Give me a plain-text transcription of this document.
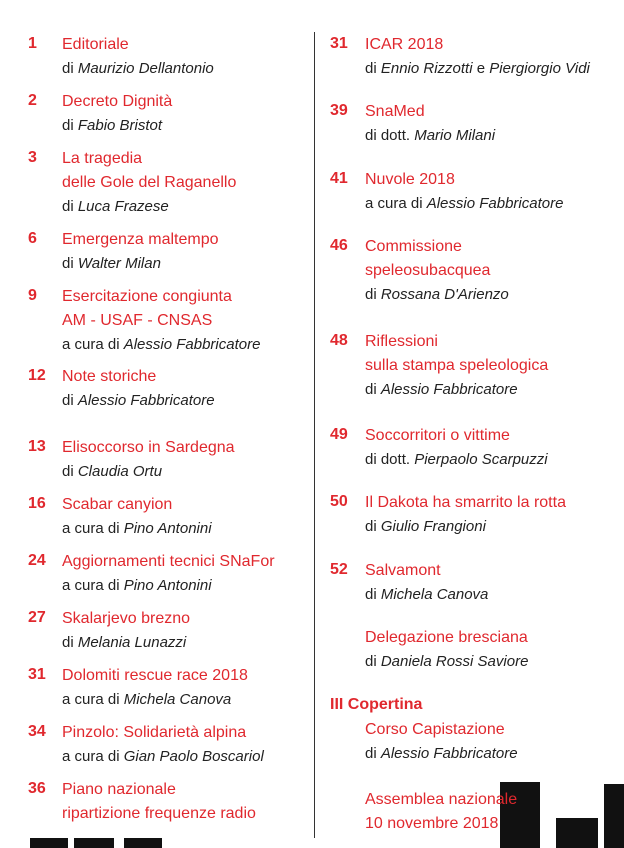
1 Editoriale
di Maurizio Dellantonio
2 Decreto Dignità
di Fabio Bristot
3 La tragedia
delle Gole del Raganello
di Luca Frazese
6 Emergenza maltempo
di Walter Milan
9 Esercitazione congiunta
AM - USAF - CNSAS
a cura di Alessio Fabbricatore
12 Note storiche
di Alessio Fabbricatore
13 Elisoccorso in Sardegna
di Claudia Ortu
16 Scabar canyion
a cura di Pino Antonini
24 Aggiornamenti tecnici SNaFor
a cura di Pino Antonini
27 Skalarjevo brezno
di Melania Lunazzi
31 Dolomiti rescue race 2018
a cura di Michela Canova
34 Pinzolo: Solidarietà alpina
a cura di Gian Paolo Boscariol
36 Piano nazionale
ripartizione frequenze radio
31 ICAR 2018
di Ennio Rizzotti e Piergiorgio Vidi
39 SnaMed
di dott. Mario Milani
41 Nuvole 2018
a cura di Alessio Fabbricatore
46 Commissione
speleosubacquea
di Rossana D'Arienzo
48 Riflessioni
sulla stampa speleologica
di Alessio Fabbricatore
49 Soccorritori o vittime
di dott. Pierpaolo Scarpuzzi
50 Il Dakota ha smarrito la rotta
di Giulio Frangioni
52 Salvamont
di Michela Canova
Delegazione bresciana
di Daniela Rossi Saviore
III Copertina
Corso Capistazione
di Alessio Fabbricatore
Assemblea nazionale
10 novembre 2018
